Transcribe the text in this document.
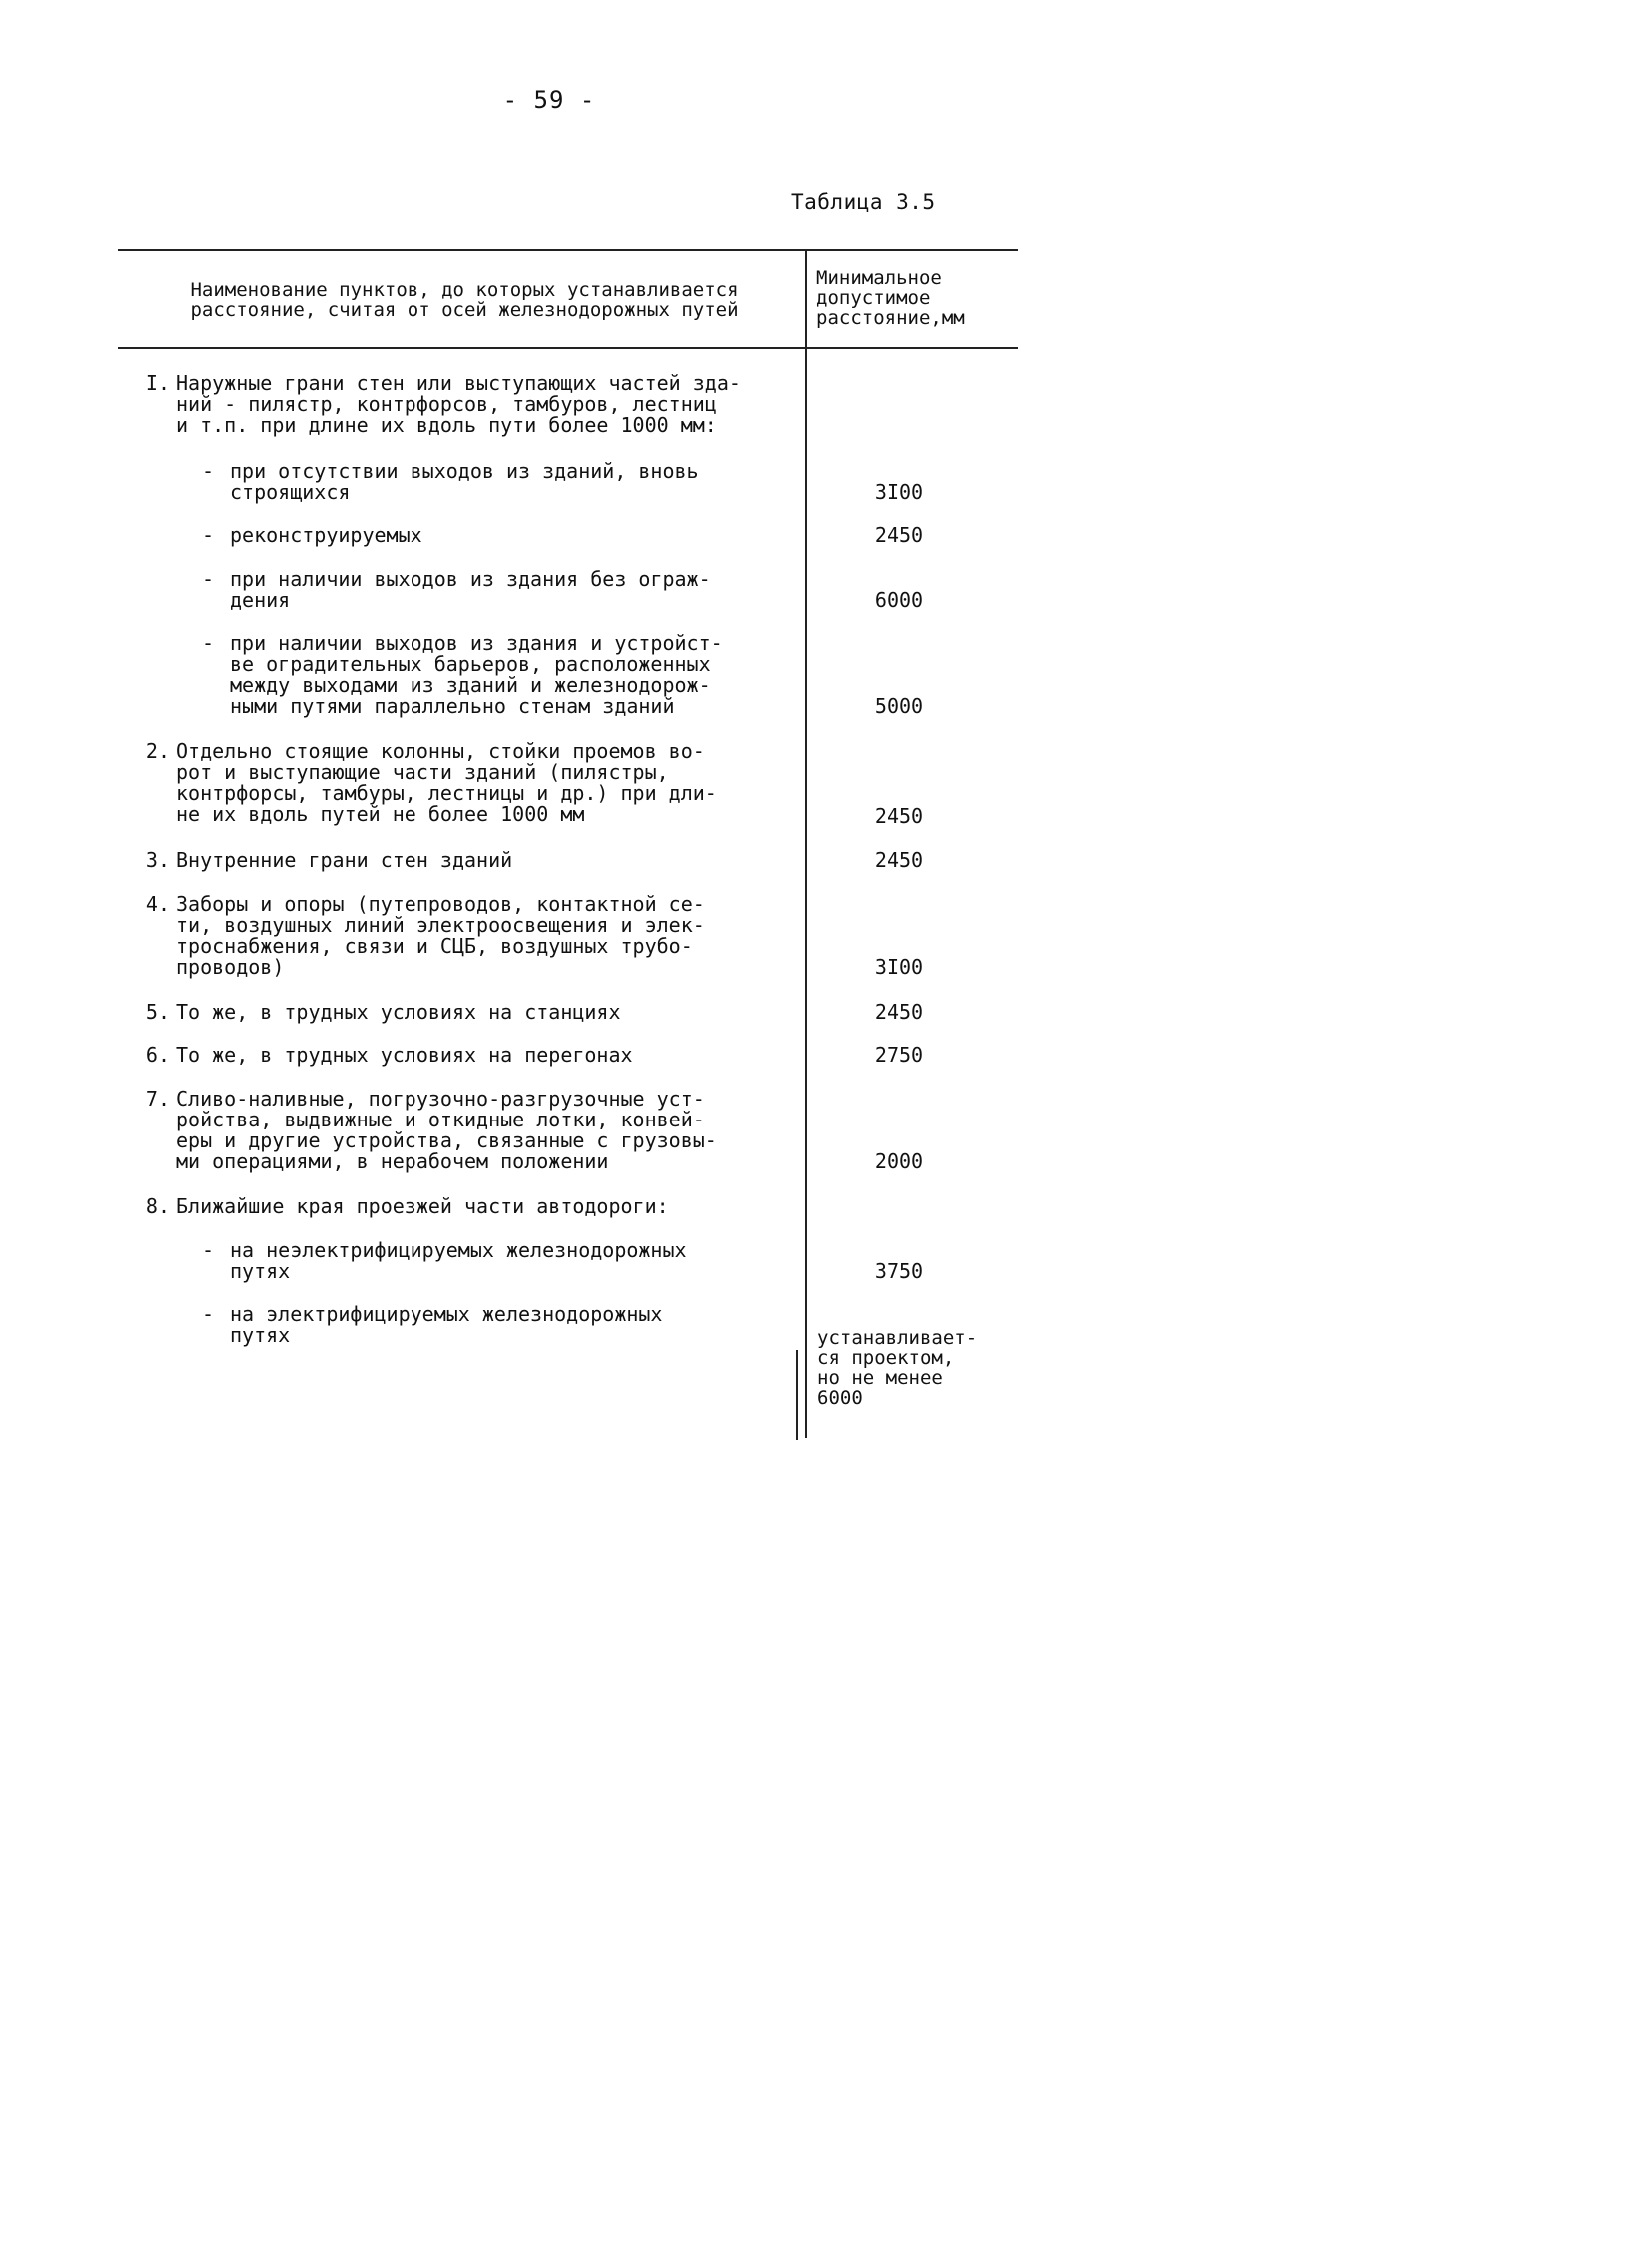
- 59 -
Таблица 3.5
Наименование пунктов, до которых устанавливается расстояние, считая от осей железнодорожных путей
Минимальное допустимое расстояние,мм
I. Наружные грани стен или выступающих частей зда-
ний - пилястр, контрфорсов, тамбуров, лестниц
и т.п. при длине их вдоль пути более 1000 мм:
- при отсутствии выходов из зданий, вновь
строящихся	3I00
- реконструируемых	2450
- при наличии выходов из здания без ограж-
дения	6000
- при наличии выходов из здания и устройст-
ве оградительных барьеров, расположенных
между выходами из зданий и железнодорож-
ными путями параллельно стенам зданий	5000
2. Отдельно стоящие колонны, стойки проемов во-
рот и выступающие части зданий (пилястры,
контрфорсы, тамбуры, лестницы и др.) при дли-
не их вдоль путей не более 1000 мм	2450
3. Внутренние грани стен зданий	2450
4. Заборы и опоры (путепроводов, контактной се-
ти, воздушных линий электроосвещения и элек-
троснабжения, связи и СЦБ, воздушных трубо-
проводов)	3I00
5. То же, в трудных условиях на станциях	2450
6. То же, в трудных условиях на перегонах	2750
7. Сливо-наливные, погрузочно-разгрузочные уст-
ройства, выдвижные и откидные лотки, конвей-
еры и другие устройства, связанные с грузовы-
ми операциями, в нерабочем положении	2000
8. Ближайшие края проезжей части автодороги:
- на неэлектрифицируемых железнодорожных
путях	3750
- на электрифицируемых железнодорожных
путях	устанавливает-
ся проектом,
но не менее
6000
